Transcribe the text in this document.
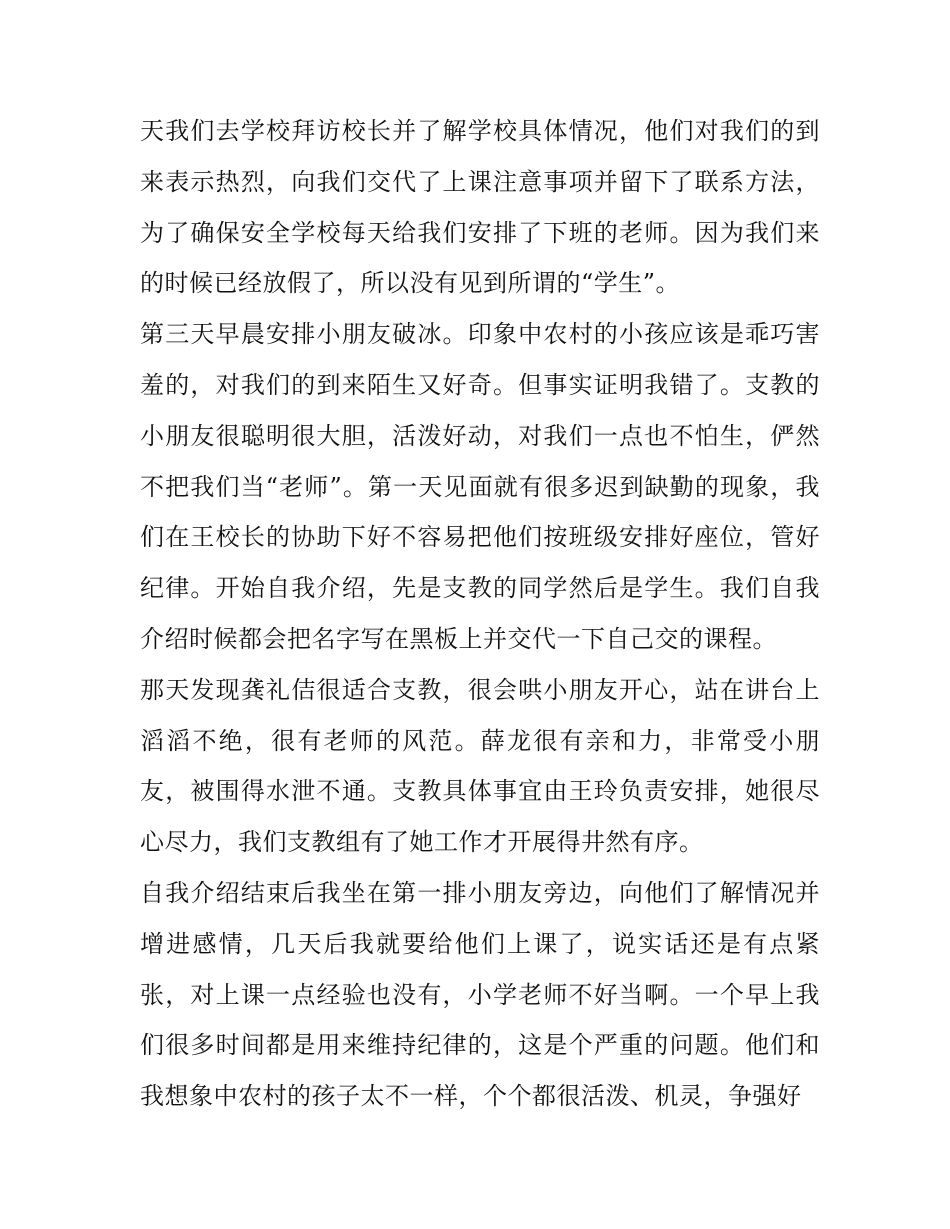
天我们去学校拜访校长并了解学校具体情况，他们对我们的到来表示热烈，向我们交代了上课注意事项并留下了联系方法，为了确保安全学校每天给我们安排了下班的老师。因为我们来的时候已经放假了，所以没有见到所谓的“学生”。

第三天早晨安排小朋友破冰。印象中农村的小孩应该是乖巧害羞的，对我们的到来陌生又好奇。但事实证明我错了。支教的小朋友很聪明很大胆，活泼好动，对我们一点也不怕生，俨然不把我们当“老师”。第一天见面就有很多迟到缺勤的现象，我们在王校长的协助下好不容易把他们按班级安排好座位，管好纪律。开始自我介绍，先是支教的同学然后是学生。我们自我介绍时候都会把名字写在黑板上并交代一下自己交的课程。

那天发现龚礼佶很适合支教，很会哄小朋友开心，站在讲台上滔滔不绝，很有老师的风范。薛龙很有亲和力，非常受小朋友，被围得水泄不通。支教具体事宜由王玲负责安排，她很尽心尽力，我们支教组有了她工作才开展得井然有序。

自我介绍结束后我坐在第一排小朋友旁边，向他们了解情况并增进感情，几天后我就要给他们上课了，说实话还是有点紧张，对上课一点经验也没有，小学老师不好当啊。一个早上我们很多时间都是用来维持纪律的，这是个严重的问题。他们和我想象中农村的孩子太不一样，个个都很活泼、机灵，争强好
